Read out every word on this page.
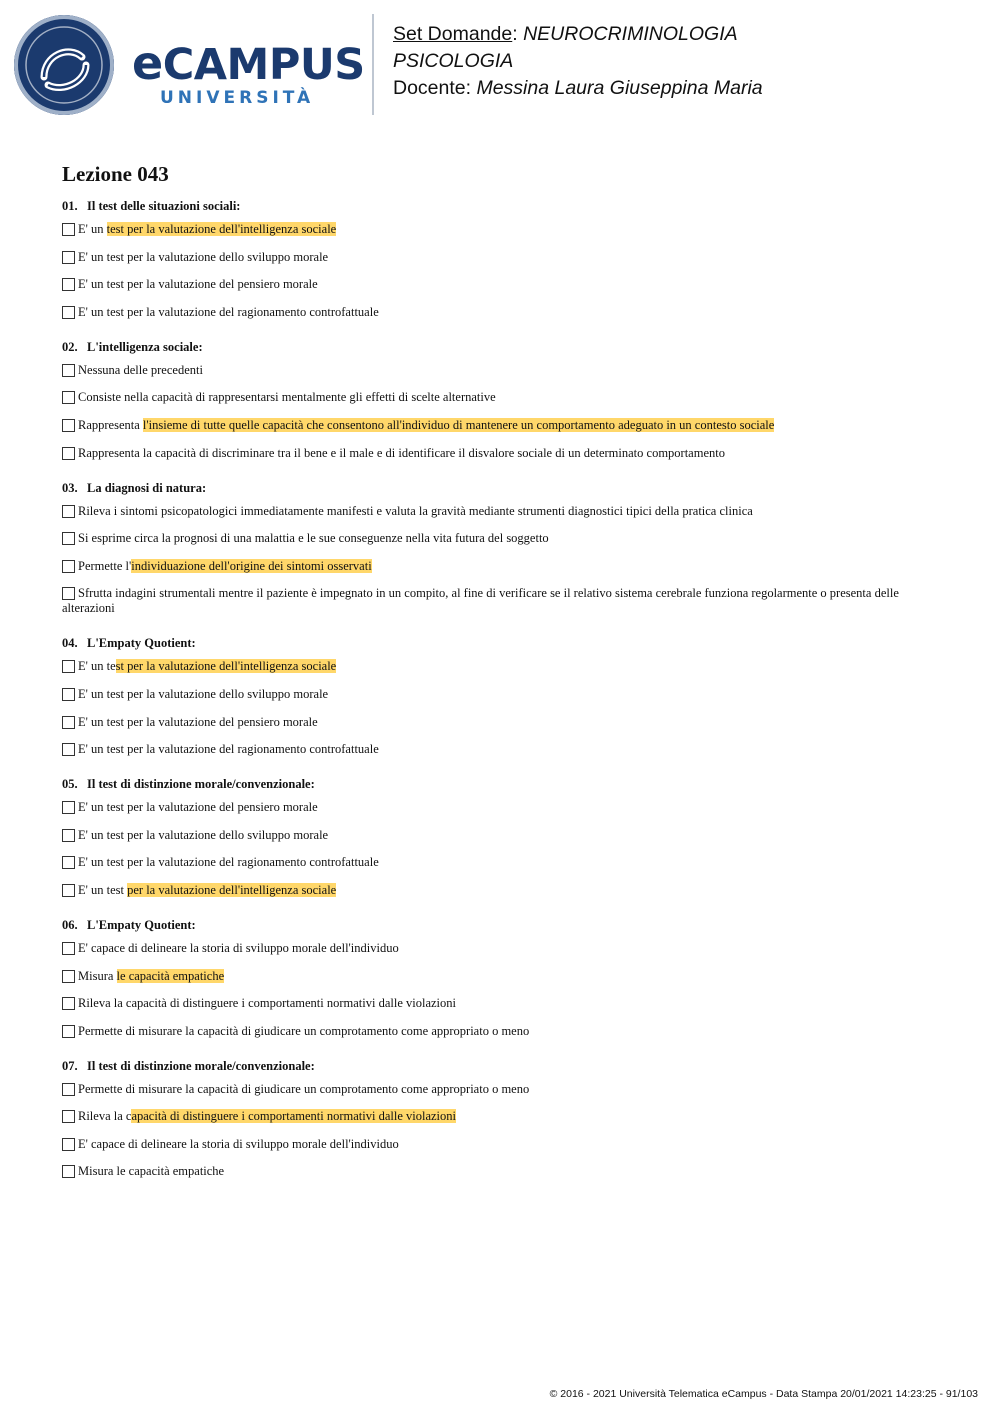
eCAMPUS
UNIVERSITÀ
Set Domande: NEUROCRIMINOLOGIA
PSICOLOGIA
Docente: Messina Laura Giuseppina Maria
Lezione 043
01. Il test delle situazioni sociali:
E' un test per la valutazione dell'intelligenza sociale
E' un test per la valutazione dello sviluppo morale
E' un test per la valutazione del pensiero morale
E' un test per la valutazione del ragionamento controfattuale
02. L'intelligenza sociale:
Nessuna delle precedenti
Consiste nella capacità di rappresentarsi mentalmente gli effetti di scelte alternative
Rappresenta l'insieme di tutte quelle capacità che consentono all'individuo di mantenere un comportamento adeguato in un contesto sociale
Rappresenta la capacità di discriminare tra il bene e il male e di identificare il disvalore sociale di un determinato comportamento
03. La diagnosi di natura:
Rileva i sintomi psicopatologici immediatamente manifesti e valuta la gravità mediante strumenti diagnostici tipici della pratica clinica
Si esprime circa la prognosi di una malattia e le sue conseguenze nella vita futura del soggetto
Permette l'individuazione dell'origine dei sintomi osservati
Sfrutta indagini strumentali mentre il paziente è impegnato in un compito, al fine di verificare se il relativo sistema cerebrale funziona regolarmente o presenta delle alterazioni
04. L'Empaty Quotient:
E' un test per la valutazione dell'intelligenza sociale
E' un test per la valutazione dello sviluppo morale
E' un test per la valutazione del pensiero morale
E' un test per la valutazione del ragionamento controfattuale
05. Il test di distinzione morale/convenzionale:
E' un test per la valutazione del pensiero morale
E' un test per la valutazione dello sviluppo morale
E' un test per la valutazione del ragionamento controfattuale
E' un test per la valutazione dell'intelligenza sociale
06. L'Empaty Quotient:
E' capace di delineare la storia di sviluppo morale dell'individuo
Misura le capacità empatiche
Rileva la capacità di distinguere i comportamenti normativi dalle violazioni
Permette di misurare la capacità di giudicare un comprotamento come appropriato o meno
07. Il test di distinzione morale/convenzionale:
Permette di misurare la capacità di giudicare un comprotamento come appropriato o meno
Rileva la capacità di distinguere i comportamenti normativi dalle violazioni
E' capace di delineare la storia di sviluppo morale dell'individuo
Misura le capacità empatiche
© 2016 - 2021 Università Telematica eCampus - Data Stampa 20/01/2021 14:23:25 - 91/103
